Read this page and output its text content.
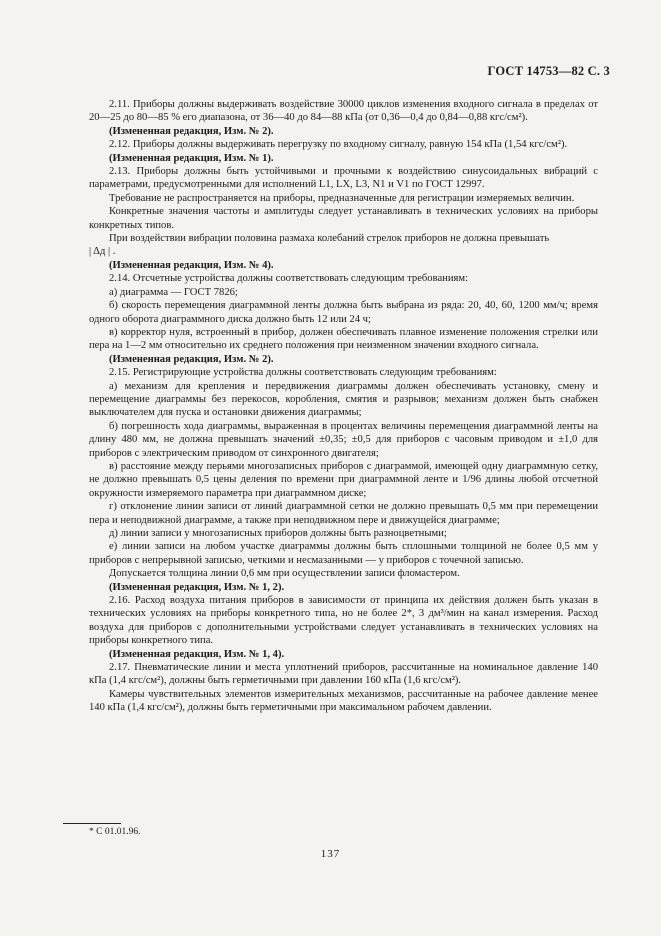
ГОСТ 14753—82 С. 3

2.11. Приборы должны выдерживать воздействие 30000 циклов изменения входного сигнала в пределах от 20—25 до 80—85 % его диапазона, от 36—40 до 84—88 кПа (от 0,36—0,4 до 0,84—0,88 кгс/см²).

(Измененная редакция, Изм. № 2).

2.12. Приборы должны выдерживать перегрузку по входному сигналу, равную 154 кПа (1,54 кгс/см²).

(Измененная редакция, Изм. № 1).

2.13. Приборы должны быть устойчивыми и прочными к воздействию синусоидальных вибраций с параметрами, предусмотренными для исполнений L1, LX, L3, N1 и V1 по ГОСТ 12997.

Требование не распространяется на приборы, предназначенные для регистрации измеряемых величин.

Конкретные значения частоты и амплитуды следует устанавливать в технических условиях на приборы конкретных типов.

При воздействии вибрации половина размаха колебаний стрелок приборов не должна превышать

| Δд | .

(Измененная редакция, Изм. № 4).

2.14. Отсчетные устройства должны соответствовать следующим требованиям:

а) диаграмма — ГОСТ 7826;

б) скорость перемещения диаграммной ленты должна быть выбрана из ряда: 20, 40, 60, 1200 мм/ч; время одного оборота диаграммного диска должно быть 12 или 24 ч;

в) корректор нуля, встроенный в прибор, должен обеспечивать плавное изменение положения стрелки или пера на 1—2 мм относительно их среднего положения при неизменном значении входного сигнала.

(Измененная редакция, Изм. № 2).

2.15. Регистрирующие устройства должны соответствовать следующим требованиям:

а) механизм для крепления и передвижения диаграммы должен обеспечивать установку, смену и перемещение диаграммы без перекосов, коробления, смятия и разрывов; механизм должен быть снабжен выключателем для пуска и остановки движения диаграммы;

б) погрешность хода диаграммы, выраженная в процентах величины перемещения диаграммной ленты на длину 480 мм, не должна превышать значений ±0,35; ±0,5 для приборов с часовым приводом и ±1,0 для приборов с электрическим приводом от синхронного двигателя;

в) расстояние между перьями многозаписных приборов с диаграммой, имеющей одну диаграммную сетку, не должно превышать 0,5 цены деления по времени при диаграммной ленте и 1/96 длины любой отсчетной окружности измеряемого параметра при диаграммном диске;

г) отклонение линии записи от линий диаграммной сетки не должно превышать 0,5 мм при перемещении пера и неподвижной диаграмме, а также при неподвижном пере и движущейся диаграмме;

д) линии записи у многозаписных приборов должны быть разноцветными;

е) линии записи на любом участке диаграммы должны быть сплошными толщиной не более 0,5 мм у приборов с непрерывной записью, четкими и несмазанными — у приборов с точечной записью.

Допускается толщина линии 0,6 мм при осуществлении записи фломастером.

(Измененная редакция, Изм. № 1, 2).

2.16. Расход воздуха питания приборов в зависимости от принципа их действия должен быть указан в технических условиях на приборы конкретного типа, но не более 2*, 3 дм³/мин на канал измерения. Расход воздуха для приборов с дополнительными устройствами следует устанавливать в технических условиях на приборы конкретного типа.

(Измененная редакция, Изм. № 1, 4).

2.17. Пневматические линии и места уплотнений приборов, рассчитанные на номинальное давление 140 кПа (1,4 кгс/см²), должны быть герметичными при давлении 160 кПа (1,6 кгс/см²).

Камеры чувствительных элементов измерительных механизмов, рассчитанные на рабочее давление менее 140 кПа (1,4 кгс/см²), должны быть герметичными при максимальном рабочем давлении.

* С 01.01.96.
137
